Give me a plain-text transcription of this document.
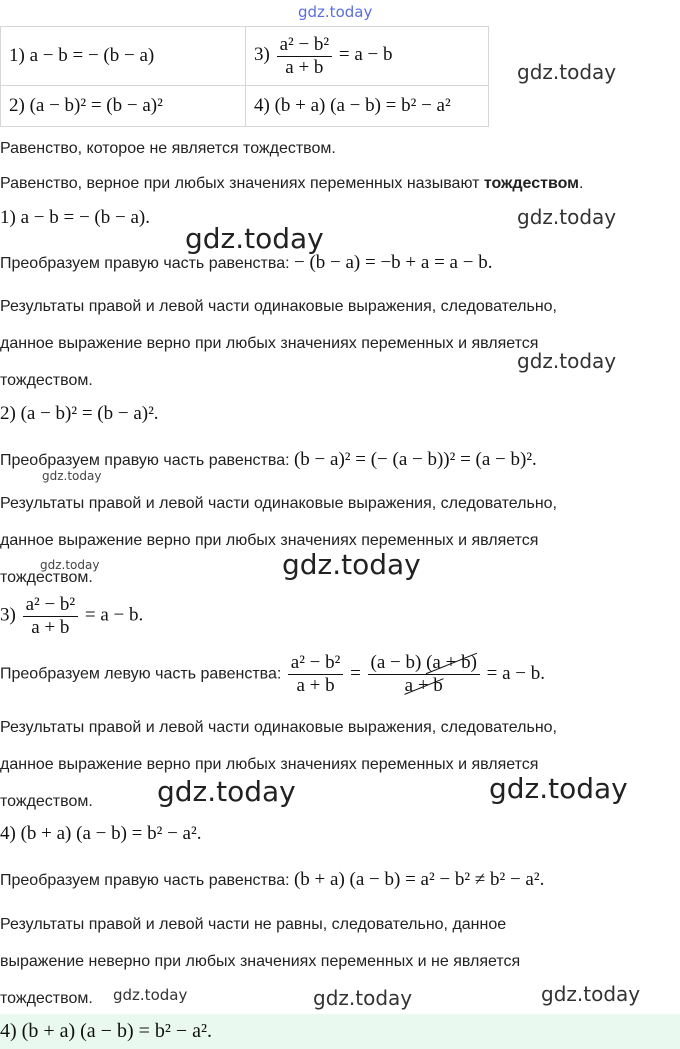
gdz.today
1) a − b = − (b − a)	$3) \frac{\text{a² − b²}}{a + b} = a - b$
2) (a − b)² = (b − a)²	4) (b + a) (a − b) = b² − a²
gdz.today
Равенство, которое не является тождеством.
Равенство, верное при любых значениях переменных называют тождеством.
1) a − b = − (b − a).	gdz.today
gdz.today
Преобразуем правую часть равенства: − (b − a) = −b + a = a − b.
Результаты правой и левой части одинаковые выражения, следовательно,
данное выражение верно при любых значениях переменных и является
gdz.today
тождеством.
2) (a − b)² = (b − a)².
Преобразуем правую часть равенства: (b − a)² = (− (a − b))² = (a − b)².
gdz.today
Результаты правой и левой части одинаковые выражения, следовательно,
данное выражение верно при любых значениях переменных и является
gdz.today	gdz.today
тождеством.
$3) \frac{\text{a² − b²}}{a + b} = a - b$.
Преобразуем левую часть равенства: $\frac{\text{a² − b²}}{a + b} = \frac{(a - b) (a + b)}{a + b} = a - b$.
Результаты правой и левой части одинаковые выражения, следовательно,
данное выражение верно при любых значениях переменных и является
тождеством. gdz.today	gdz.today
4) (b + a) (a − b) = b² − a².
Преобразуем правую часть равенства: (b + a) (a − b) = a² − b² ≠ b² − a².
Результаты правой и левой части не равны, следовательно, данное
выражение неверно при любых значениях переменных и не является
тождеством. gdz.today	gdz.today	gdz.today
4) (b + a) (a − b) = b² − a².
